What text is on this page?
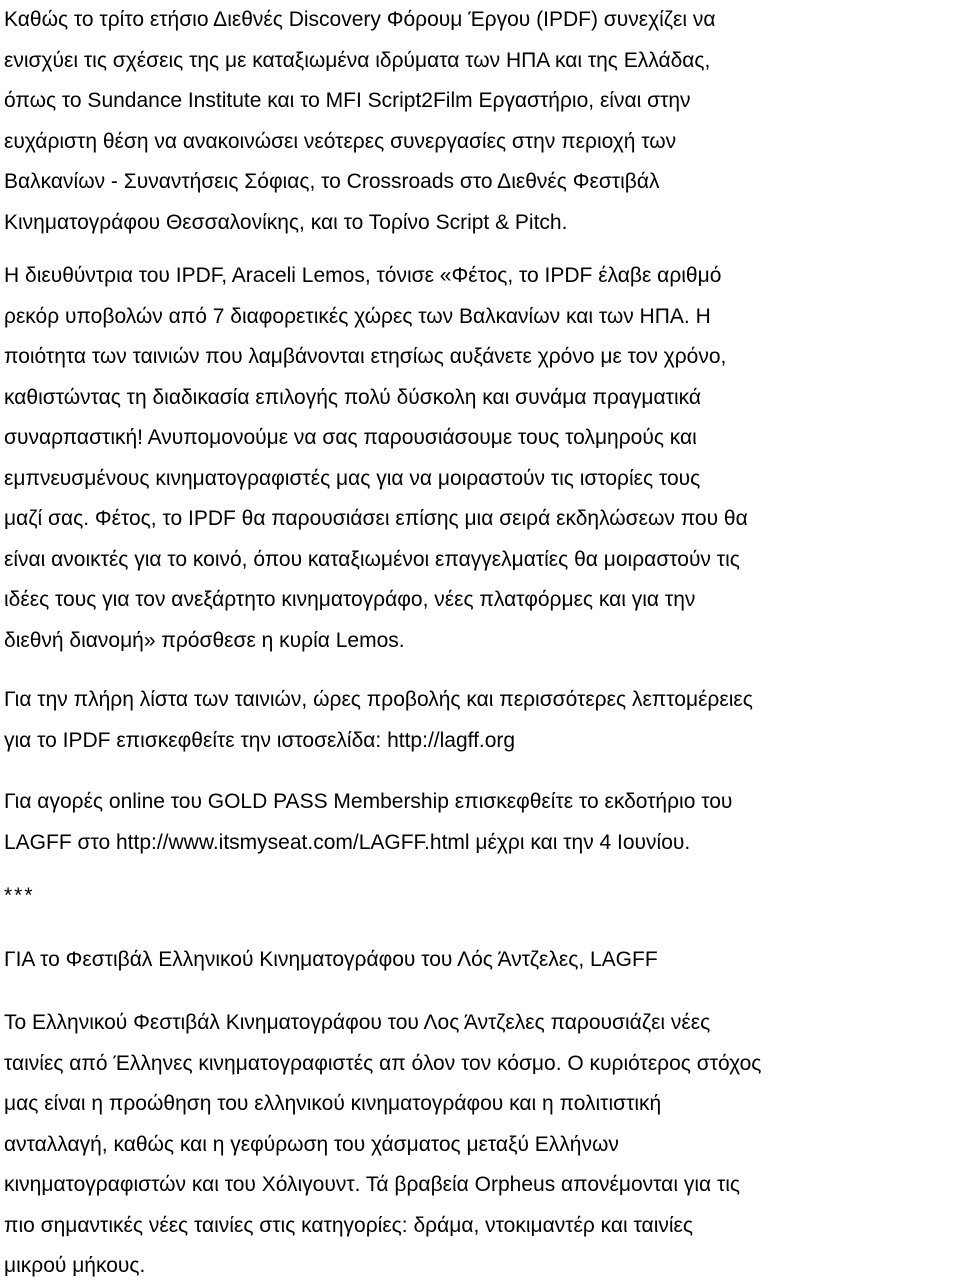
Καθώς το τρίτο ετήσιο Διεθνές Discovery Φόρουμ Έργου (IPDF) συνεχίζει να
ενισχύει τις σχέσεις της με καταξιωμένα ιδρύματα των ΗΠΑ και της Ελλάδας,
όπως το Sundance Institute και το MFI Script2Film Εργαστήριο, είναι στην
ευχάριστη θέση να ανακοινώσει νεότερες συνεργασίες στην περιοχή των
Βαλκανίων - Συναντήσεις Σόφιας, το Crossroads στο Διεθνές Φεστιβάλ
Κινηματογράφου Θεσσαλονίκης, και το Τορίνο Script & Pitch.
Η διευθύντρια του IPDF, Araceli Lemos, τόνισε «Φέτος, το IPDF έλαβε αριθμό
ρεκόρ υποβολών από 7 διαφορετικές χώρες των Βαλκανίων και των ΗΠΑ. Η
ποιότητα των ταινιών που λαμβάνονται ετησίως αυξάνετε χρόνο με τον χρόνο,
καθιστώντας τη διαδικασία επιλογής πολύ δύσκολη και συνάμα πραγματικά
συναρπαστική! Ανυπομονούμε να σας παρουσιάσουμε τους τολμηρούς και
εμπνευσμένους κινηματογραφιστές μας για να μοιραστούν τις ιστορίες τους
μαζί σας. Φέτος, το IPDF θα παρουσιάσει επίσης μια σειρά εκδηλώσεων που θα
είναι ανοικτές για το κοινό, όπου καταξιωμένοι επαγγελματίες θα μοιραστούν τις
ιδέες τους για τον ανεξάρτητο κινηματογράφο, νέες πλατφόρμες και για την
διεθνή διανομή» πρόσθεσε η κυρία Lemos.
Για την πλήρη λίστα των ταινιών, ώρες προβολής και περισσότερες λεπτομέρειες
για το IPDF επισκεφθείτε την ιστοσελίδα: http://lagff.org
Για αγορές online του GOLD PASS Membership επισκεφθείτε το εκδοτήριο του
LAGFF στο http://www.itsmyseat.com/LAGFF.html μέχρι και την 4 Ιουνίου.
***
ΓΙΑ το Φεστιβάλ Ελληνικού Κινηματογράφου του Λός Άντζελες, LAGFF
Το Ελληνικού Φεστιβάλ Κινηματογράφου του Λος Άντζελες παρουσιάζει νέες
ταινίες από Έλληνες κινηματογραφιστές απ όλον τον κόσμο. Ο κυριότερος στόχος
μας είναι η προώθηση του ελληνικού κινηματογράφου και η πολιτιστική
ανταλλαγή, καθώς και η γεφύρωση του χάσματος μεταξύ Ελλήνων
κινηματογραφιστών και του Χόλιγουντ. Τά βραβεία Orpheus απονέμονται για τις
πιο σημαντικές νέες ταινίες στις κατηγορίες: δράμα, ντοκιμαντέρ και ταινίες
μικρού μήκους.
